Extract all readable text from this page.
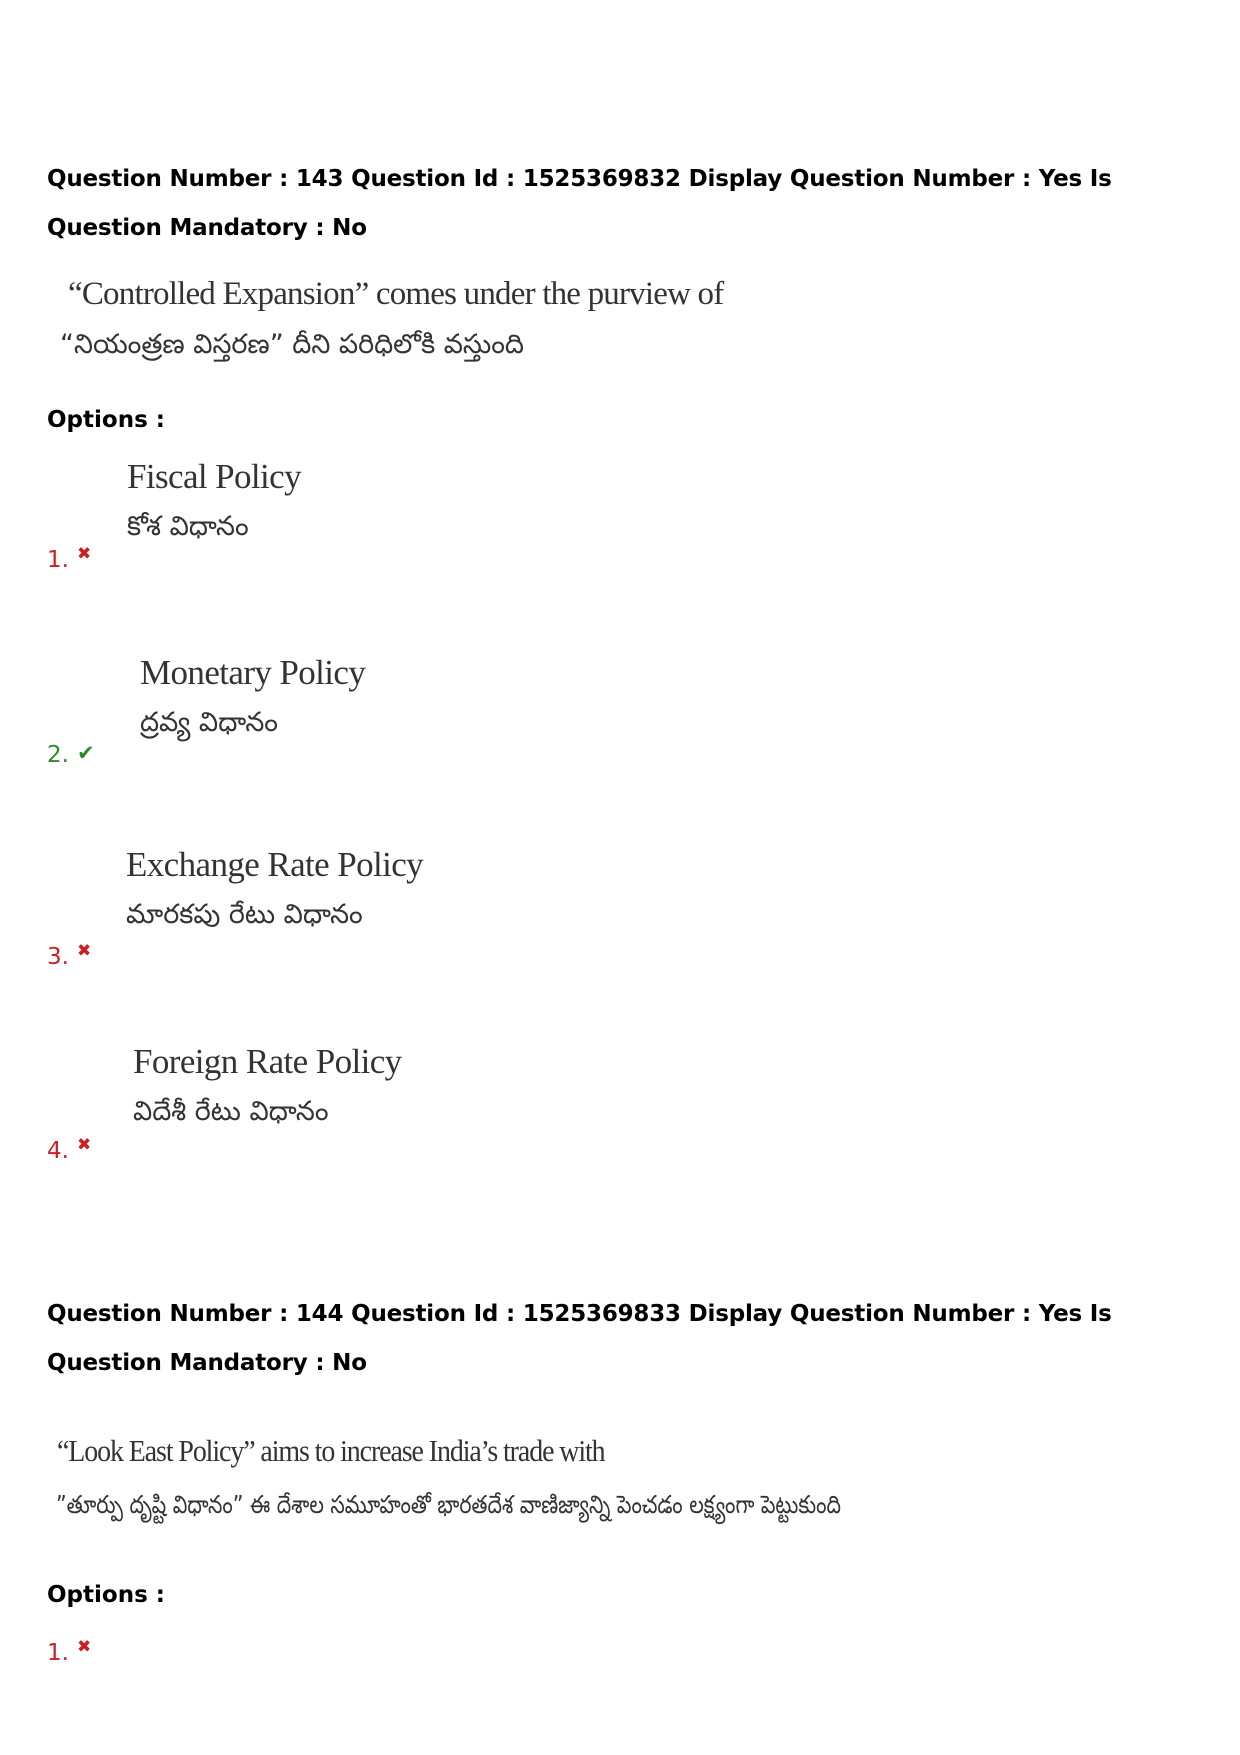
Question Number : 143 Question Id : 1525369832 Display Question Number : Yes Is Question Mandatory : No
“Controlled Expansion” comes under the purview of
“నియంత్రణ విస్తరణ” దీని పరిధిలోకి వస్తుంది
Options :
Fiscal Policy
కోశ విధానం
1. ✖
Monetary Policy
ద్రవ్య విధానం
2. ✔
Exchange Rate Policy
మారకపు రేటు విధానం
3. ✖
Foreign Rate Policy
విదేశీ రేటు విధానం
4. ✖
Question Number : 144 Question Id : 1525369833 Display Question Number : Yes Is Question Mandatory : No
“Look East Policy” aims to increase India’s trade with
”తూర్పు దృష్టి విధానం” ఈ దేశాల సమూహంతో భారతదేశ వాణిజ్యాన్ని పెంచడం లక్ష్యంగా పెట్టుకుంది
Options :
1. ✖
